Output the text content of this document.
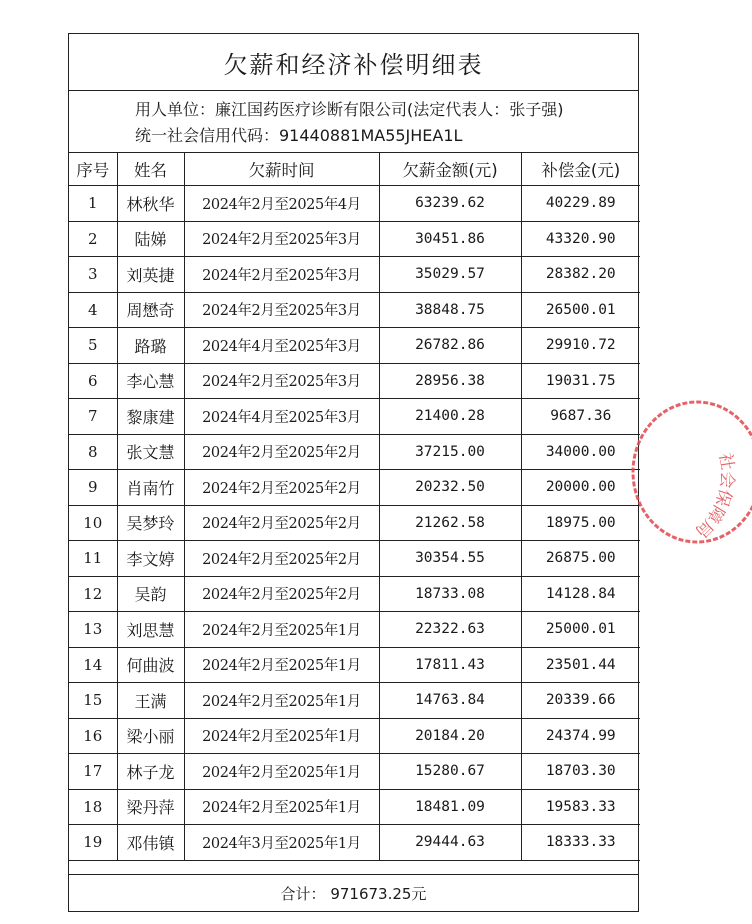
欠薪和经济补偿明细表
用人单位：廉江国药医疗诊断有限公司(法定代表人：张子强)
统一社会信用代码：91440881MA55JHEA1L
序号	姓名	欠薪时间	欠薪金额(元)	补偿金(元)
1	林秋华	2024年2月至2025年4月	63239.62	40229.89
2	陆娣	2024年2月至2025年3月	30451.86	43320.90
3	刘英捷	2024年2月至2025年3月	35029.57	28382.20
4	周懋奇	2024年2月至2025年3月	38848.75	26500.01
5	路璐	2024年4月至2025年3月	26782.86	29910.72
6	李心慧	2024年2月至2025年3月	28956.38	19031.75
7	黎康建	2024年4月至2025年3月	21400.28	9687.36
8	张文慧	2024年2月至2025年2月	37215.00	34000.00
9	肖南竹	2024年2月至2025年2月	20232.50	20000.00
10	吴梦玲	2024年2月至2025年2月	21262.58	18975.00
11	李文婷	2024年2月至2025年2月	30354.55	26875.00
12	吴韵	2024年2月至2025年2月	18733.08	14128.84
13	刘思慧	2024年2月至2025年1月	22322.63	25000.01
14	何曲波	2024年2月至2025年1月	17811.43	23501.44
15	王满	2024年2月至2025年1月	14763.84	20339.66
16	梁小丽	2024年2月至2025年1月	20184.20	24374.99
17	林子龙	2024年2月至2025年1月	15280.67	18703.30
18	梁丹萍	2024年2月至2025年1月	18481.09	19583.33
19	邓伟镇	2024年3月至2025年1月	29444.63	18333.33
合计： 971673.25元
社会保障局
